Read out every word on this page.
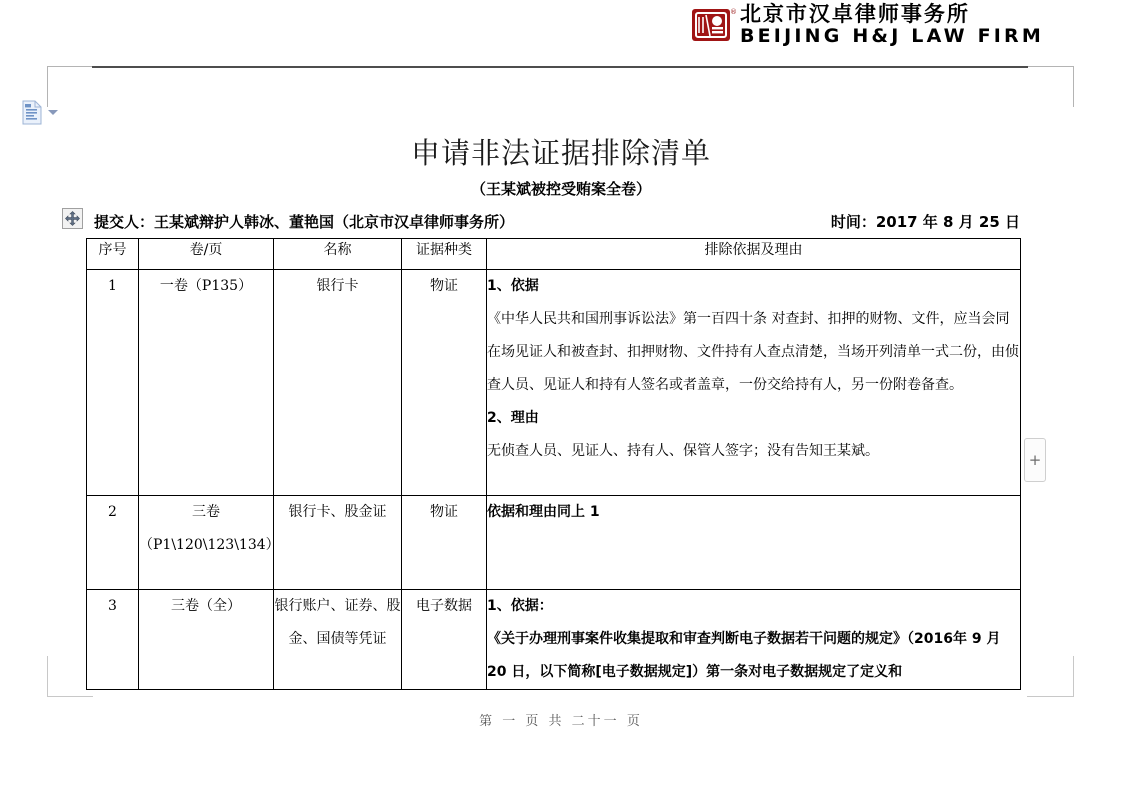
® 北京市汉卓律师事务所
BEIJING H&J LAW FIRM
申请非法证据排除清单
（王某斌被控受贿案全卷）
提交人：王某斌辩护人韩冰、董艳国（北京市汉卓律师事务所）	时间：2017 年 8 月 25 日
+
序号	卷/页	名称	证据种类	排除依据及理由
1	一卷（P135）	银行卡	物证	1、依据
《中华人民共和国刑事诉讼法》第一百四十条 对查封、扣押的财物、文件，应当会同在场见证人和被查封、扣押财物、文件持有人查点清楚，当场开列清单一式二份，由侦查人员、见证人和持有人签名或者盖章，一份交给持有人，另一份附卷备查。
2、理由
无侦查人员、见证人、持有人、保管人签字；没有告知王某斌。

2	三卷（P1\120\123\134）	银行卡、股金证	物证	依据和理由同上 1

3	三卷（全）	银行账户、证券、股金、国债等凭证	电子数据	1、依据：
《关于办理刑事案件收集提取和审查判断电子数据若干问题的规定》（2016年 9 月 20 日，以下简称[电子数据规定]）第一条对电子数据规定了定义和
第 一 页 共 二十一 页
